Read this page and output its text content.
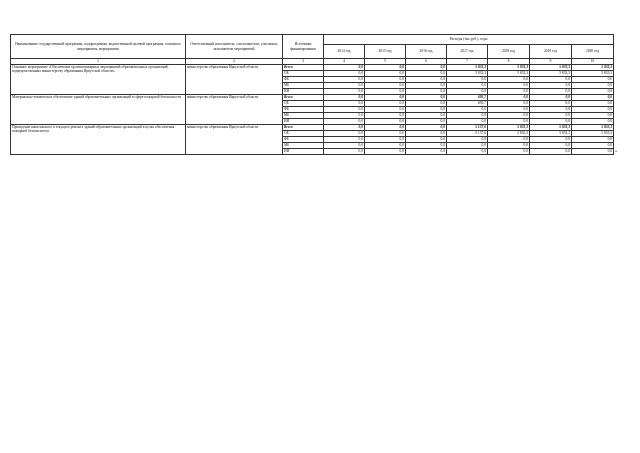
Наименование государственной программы, подпрограммы, ведомственной целевой программы, основного мероприятия, мероприятия	Ответственный исполнитель, соисполнители, участники, исполнители мероприятий	Источники финансирования	Расходы (тыс.руб.), годы						
			2014 год	2015 год	2016 год	2017 год	2018 год	2019 год	2020 год
1	2	3	4	5	6	7	8	9	10
Основное мероприятие «Обеспечение противопожарных мероприятий образовательных организаций, подведомственных министерству образования Иркутской области»	министерство образования Иркутской области	Всего	0,0	0,0	0,0	5 833,3	5 833,3	5 833,3	5 833,3
		ОБ	0,0	0,0	0,0	5 833,3	5 833,3	5 833,3	5 833,3
		ФБ	0,0	0,0	0,0	0,0	0,0	0,0	0,0
		МБ	0,0	0,0	0,0	0,0	0,0	0,0	0,0
		ИИ	0,0	0,0	0,0	0,0	0,0	0,0	0,0
Материально-техническое обеспечение зданий образовательных организаций в сфере пожарной безопасности	министерство образования Иркутской области	Всего	0,0	0,0	0,0	695,7	0,0	0,0	0,0
		ОБ	0,0	0,0	0,0	695,7	0,0	0,0	0,0
		ФБ	0,0	0,0	0,0	0,0	0,0	0,0	0,0
		МБ	0,0	0,0	0,0	0,0	0,0	0,0	0,0
		ИИ	0,0	0,0	0,0	0,0	0,0	0,0	0,0
Проведение капитального и текущего ремонта зданий образовательных организаций в целях обеспечения пожарной безопасности	министерство образования Иркутской области	Всего	0,0	0,0	0,0	5 137,6	5 833,3	5 833,3	5 833,3
		ОБ	0,0	0,0	0,0	5 137,6	5 833,3	5 833,3	5 833,3
		ФБ	0,0	0,0	0,0	0,0	0,0	0,0	0,0
		МБ	0,0	0,0	0,0	0,0	0,0	0,0	0,0
		ИИ	0,0	0,0	0,0	0,0	0,0	0,0	0,0 ».
